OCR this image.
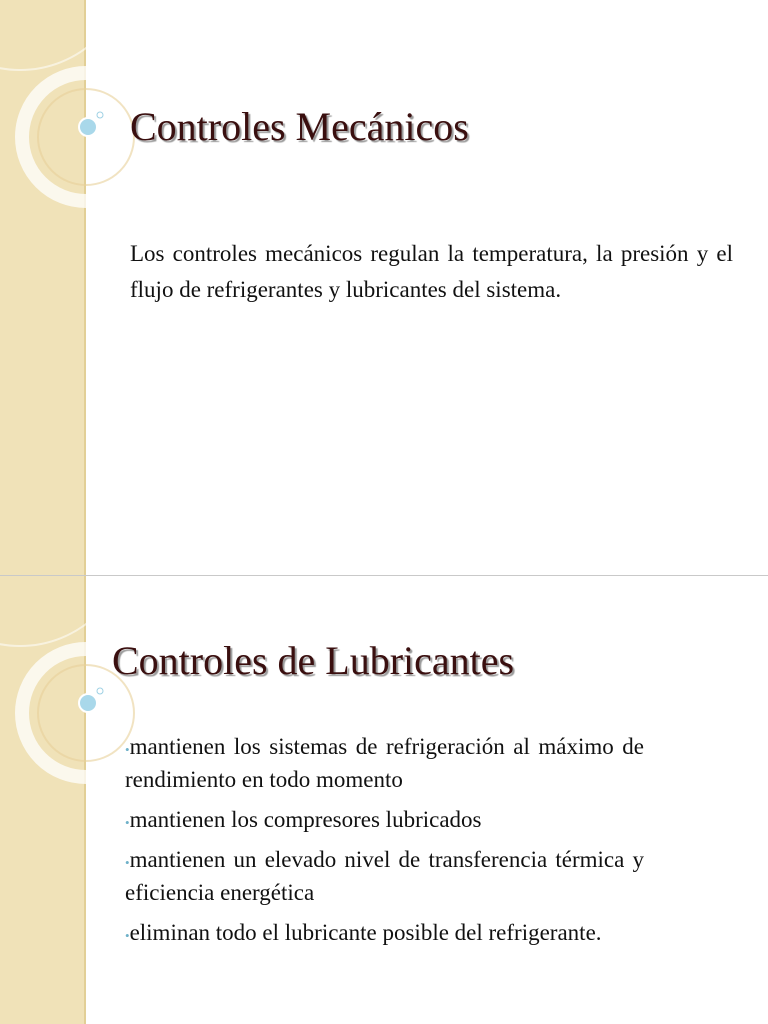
Controles Mecánicos

Los controles mecánicos regulan la temperatura, la presión y el flujo de refrigerantes y lubricantes del sistema.

Controles de Lubricantes
•mantienen los sistemas de refrigeración al máximo de rendimiento en todo momento
•mantienen los compresores lubricados
•mantienen un elevado nivel de transferencia térmica y eficiencia energética
•eliminan todo el lubricante posible del refrigerante.
